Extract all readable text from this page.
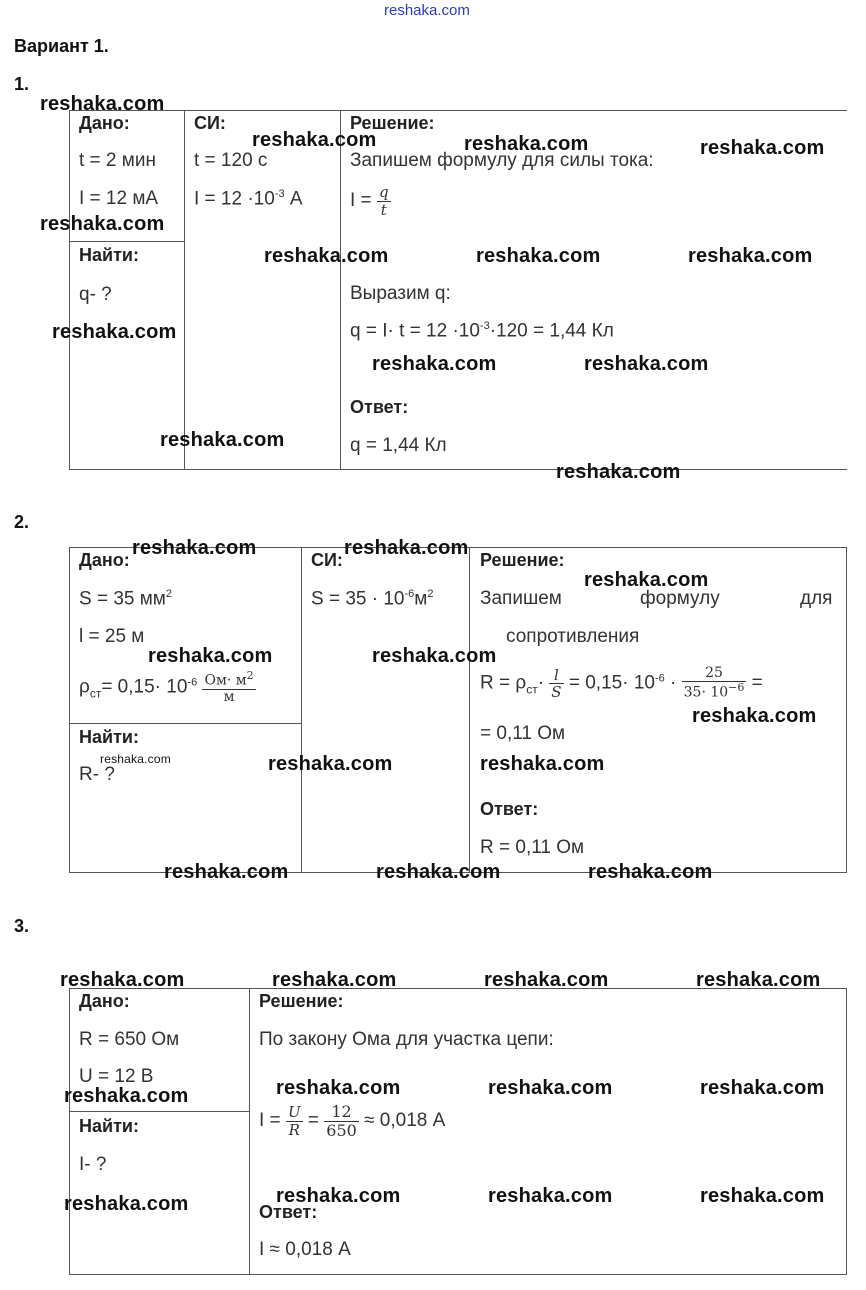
reshaka.com
Вариант 1.
1.
Дано:
t = 2 мин
I = 12 мА
Найти:
q- ?
СИ:
t = 120 с
$I = 12 \cdot 10^{-3}$ А
Решение:
Запишем формулу для силы тока:
$I = \frac{q}{t}$
Выразим q:
$q = I\cdot t = 12 \cdot 10^{-3}\cdot 120 = 1,44$ Кл
Ответ:
q = 1,44 Кл
2.
Дано:
S = 35 $мм^2$
l = 25 м
$\rho_{ст}= 0,15\cdot 10^{-6} \frac{Ом\cdot м^2}{м}$
Найти:
R- ?
СИ:
$S = 35 \cdot 10^{-6}м^2$
Решение:
Запишем	формулу	для
сопротивления
$R = \rho_{ст}\cdot \frac{l}{S} = 0,15\cdot 10^{-6} \cdot \frac{25}{35\cdot 10^{-6}}$ =
= 0,11 Ом
Ответ:
R = 0,11 Ом
3.
Дано:
R = 650 Ом
U = 12 В
Найти:
I- ?
Решение:
По закону Ома для участка цепи:
$I = \frac{U}{R} = \frac{12}{650} \approx 0,018$ А
Ответ:
I ≈ 0,018 А
reshaka.com
reshaka.com	reshaka.com	reshaka.com
reshaka.com
reshaka.com	reshaka.com	reshaka.com
reshaka.com
reshaka.com	reshaka.com
reshaka.com
reshaka.com
reshaka.com	reshaka.com
reshaka.com
reshaka.com	reshaka.com
reshaka.com
reshaka.com	reshaka.com	reshaka.com
reshaka.com	reshaka.com	reshaka.com
reshaka.com	reshaka.com	reshaka.com	reshaka.com
reshaka.com	reshaka.com	reshaka.com
reshaka.com
reshaka.com	reshaka.com	reshaka.com	reshaka.com
